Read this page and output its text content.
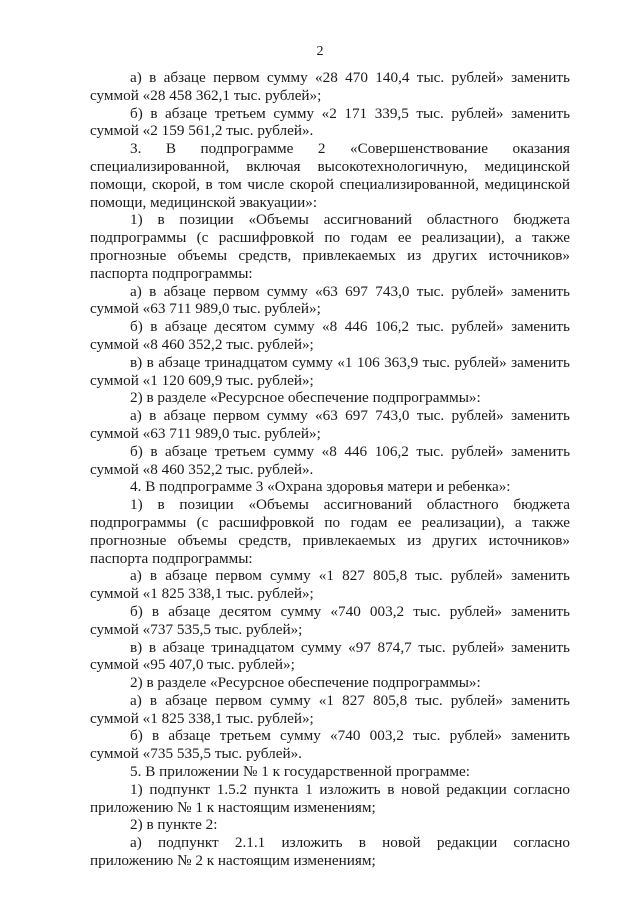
2

а) в абзаце первом сумму «28 470 140,4 тыс. рублей» заменить суммой «28 458 362,1 тыс. рублей»;

б) в абзаце третьем сумму «2 171 339,5 тыс. рублей» заменить суммой «2 159 561,2 тыс. рублей».

3. В подпрограмме 2 «Совершенствование оказания специализированной, включая высокотехнологичную, медицинской помощи, скорой, в том числе скорой специализированной, медицинской помощи, медицинской эвакуации»:

1) в позиции «Объемы ассигнований областного бюджета подпрограммы (с расшифровкой по годам ее реализации), а также прогнозные объемы средств, привлекаемых из других источников» паспорта подпрограммы:

а) в абзаце первом сумму «63 697 743,0 тыс. рублей» заменить суммой «63 711 989,0 тыс. рублей»;

б) в абзаце десятом сумму «8 446 106,2 тыс. рублей» заменить суммой «8 460 352,2 тыс. рублей»;

в) в абзаце тринадцатом сумму «1 106 363,9 тыс. рублей» заменить суммой «1 120 609,9 тыс. рублей»;

2) в разделе «Ресурсное обеспечение подпрограммы»:

а) в абзаце первом сумму «63 697 743,0 тыс. рублей» заменить суммой «63 711 989,0 тыс. рублей»;

б) в абзаце третьем сумму «8 446 106,2 тыс. рублей» заменить суммой «8 460 352,2 тыс. рублей».

4. В подпрограмме 3 «Охрана здоровья матери и ребенка»:

1) в позиции «Объемы ассигнований областного бюджета подпрограммы (с расшифровкой по годам ее реализации), а также прогнозные объемы средств, привлекаемых из других источников» паспорта подпрограммы:

а) в абзаце первом сумму «1 827 805,8 тыс. рублей» заменить суммой «1 825 338,1 тыс. рублей»;

б) в абзаце десятом сумму «740 003,2 тыс. рублей» заменить суммой «737 535,5 тыс. рублей»;

в) в абзаце тринадцатом сумму «97 874,7 тыс. рублей» заменить суммой «95 407,0 тыс. рублей»;

2) в разделе «Ресурсное обеспечение подпрограммы»:

а) в абзаце первом сумму «1 827 805,8 тыс. рублей» заменить суммой «1 825 338,1 тыс. рублей»;

б) в абзаце третьем сумму «740 003,2 тыс. рублей» заменить суммой «735 535,5 тыс. рублей».

5. В приложении № 1 к государственной программе:

1) подпункт 1.5.2 пункта 1 изложить в новой редакции согласно приложению № 1 к настоящим изменениям;

2) в пункте 2:

а) подпункт 2.1.1 изложить в новой редакции согласно приложению № 2 к настоящим изменениям;
